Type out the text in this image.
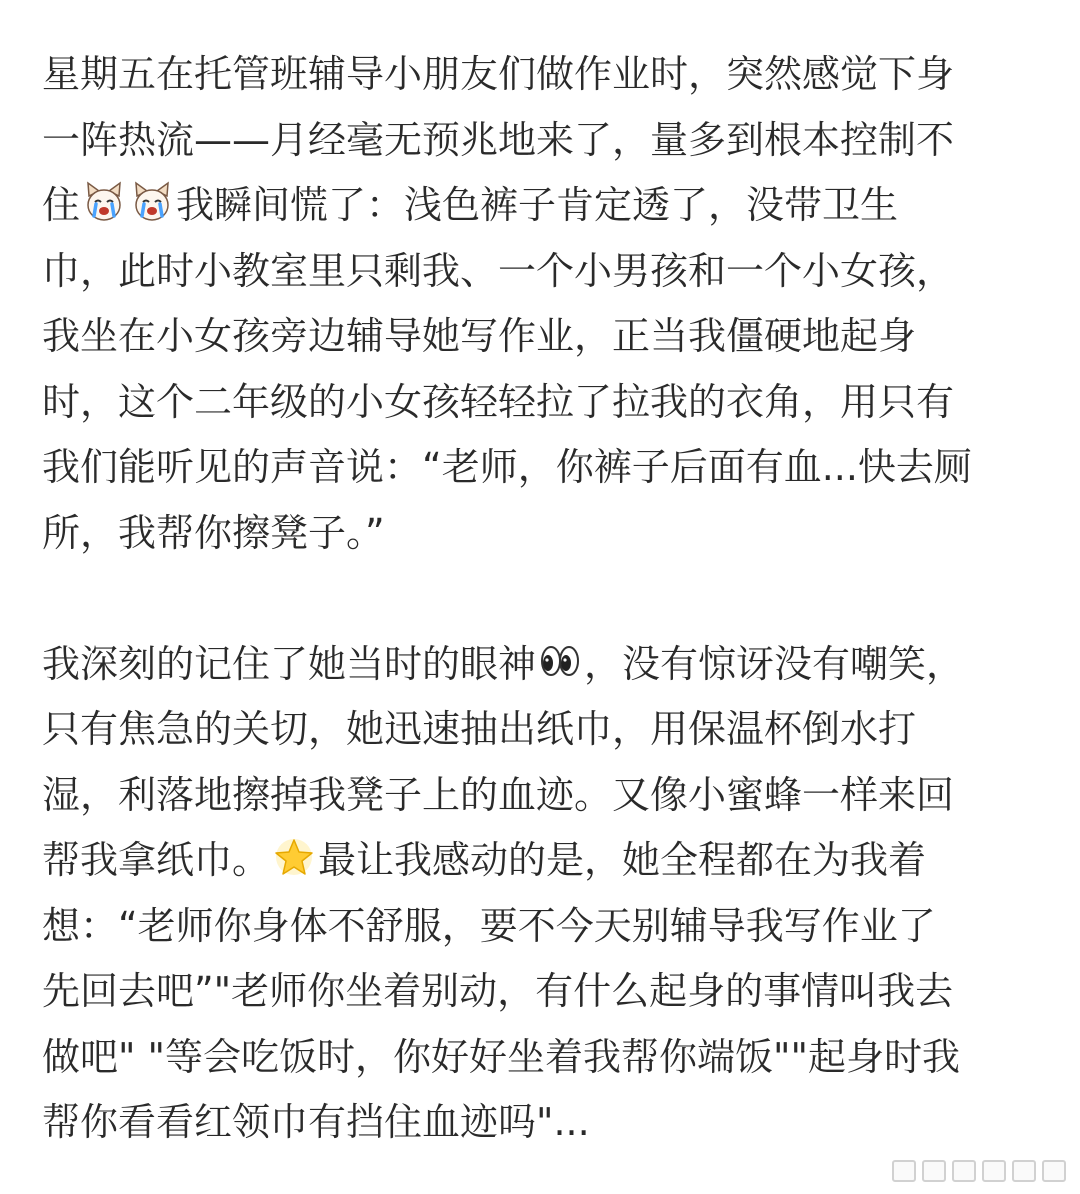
星期五在托管班辅导小朋友们做作业时，突然感觉下身
一阵热流——月经毫无预兆地来了，量多到根本控制不
住	我瞬间慌了：浅色裤子肯定透了，没带卫生
巾，此时小教室里只剩我、一个小男孩和一个小女孩，
我坐在小女孩旁边辅导她写作业，正当我僵硬地起身
时，这个二年级的小女孩轻轻拉了拉我的衣角，用只有
我们能听见的声音说：“老师，你裤子后面有血...快去厕
所，我帮你擦凳子。”
我深刻的记住了她当时的眼神 ，没有惊讶没有嘲笑，
只有焦急的关切，她迅速抽出纸巾，用保温杯倒水打
湿，利落地擦掉我凳子上的血迹。又像小蜜蜂一样来回
帮我拿纸巾。 最让我感动的是，她全程都在为我着
想：“老师你身体不舒服，要不今天别辅导我写作业了
先回去吧”"老师你坐着别动，有什么起身的事情叫我去
做吧" "等会吃饭时，你好好坐着我帮你端饭""起身时我
帮你看看红领巾有挡住血迹吗"...
